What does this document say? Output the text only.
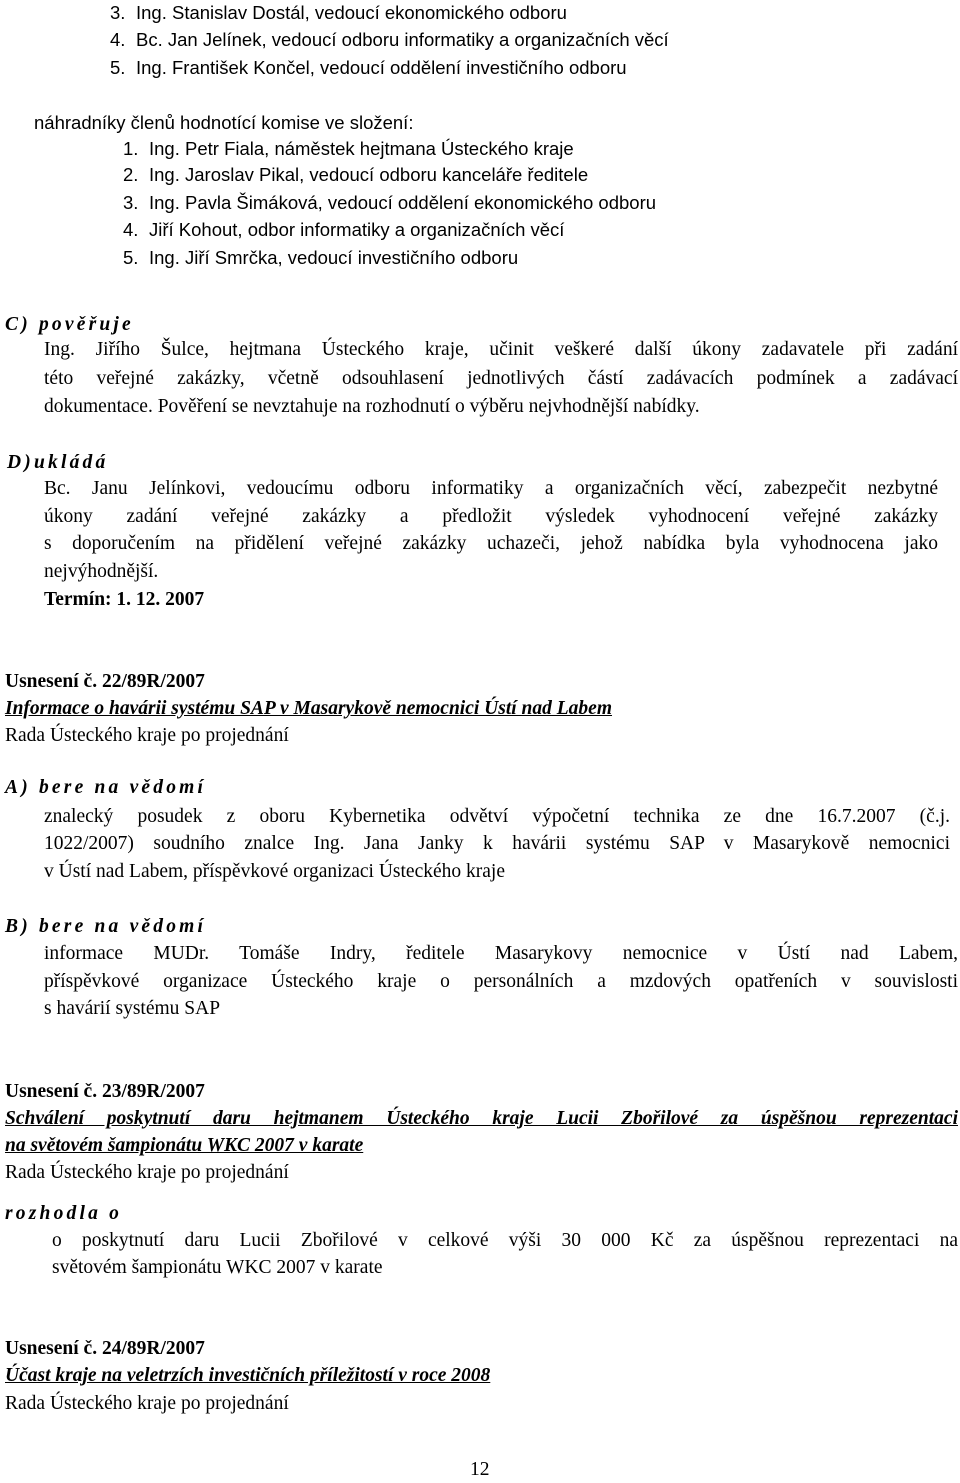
3. Ing. Stanislav Dostál, vedoucí ekonomického odboru
4. Bc. Jan Jelínek, vedoucí odboru informatiky a organizačních věcí
5. Ing. František Končel, vedoucí oddělení investičního odboru
náhradníky členů hodnotící komise ve složení:
1. Ing. Petr Fiala, náměstek hejtmana Ústeckého kraje
2. Ing. Jaroslav Pikal, vedoucí odboru kanceláře ředitele
3. Ing. Pavla Šimáková, vedoucí oddělení ekonomického odboru
4. Jiří Kohout, odbor informatiky a organizačních věcí
5. Ing. Jiří Smrčka, vedoucí investičního odboru
C) pověřuje
Ing. Jiřího Šulce, hejtmana Ústeckého kraje, učinit veškeré další úkony zadavatele při zadání
této veřejné zakázky, včetně odsouhlasení jednotlivých částí zadávacích podmínek a zadávací
dokumentace. Pověření se nevztahuje na rozhodnutí o výběru nejvhodnější nabídky.
D)ukládá
Bc. Janu Jelínkovi, vedoucímu odboru informatiky a organizačních věcí, zabezpečit nezbytné
úkony zadání veřejné zakázky a předložit výsledek vyhodnocení veřejné zakázky
s doporučením na přidělení veřejné zakázky uchazeči, jehož nabídka byla vyhodnocena jako
nejvýhodnější.
Termín: 1. 12. 2007
Usnesení č. 22/89R/2007
Informace o havárii systému SAP v Masarykově nemocnici Ústí nad Labem
Rada Ústeckého kraje po projednání
A) bere na vědomí
znalecký posudek z oboru Kybernetika odvětví výpočetní technika ze dne 16.7.2007 (č.j.
1022/2007) soudního znalce Ing. Jana Janky k havárii systému SAP v Masarykově nemocnici
v Ústí nad Labem, příspěvkové organizaci Ústeckého kraje
B) bere na vědomí
informace MUDr. Tomáše Indry, ředitele Masarykovy nemocnice v Ústí nad Labem,
příspěvkové organizace Ústeckého kraje o personálních a mzdových opatřeních v souvislosti
s havárií systému SAP
Usnesení č. 23/89R/2007
Schválení poskytnutí daru hejtmanem Ústeckého kraje Lucii Zbořilové za úspěšnou reprezentaci
na světovém šampionátu WKC 2007 v karate
Rada Ústeckého kraje po projednání
rozhodla o
o poskytnutí daru Lucii Zbořilové v celkové výši 30 000 Kč za úspěšnou reprezentaci na
světovém šampionátu WKC 2007 v karate
Usnesení č. 24/89R/2007
Účast kraje na veletrzích investičních příležitostí v roce 2008
Rada Ústeckého kraje po projednání
12
